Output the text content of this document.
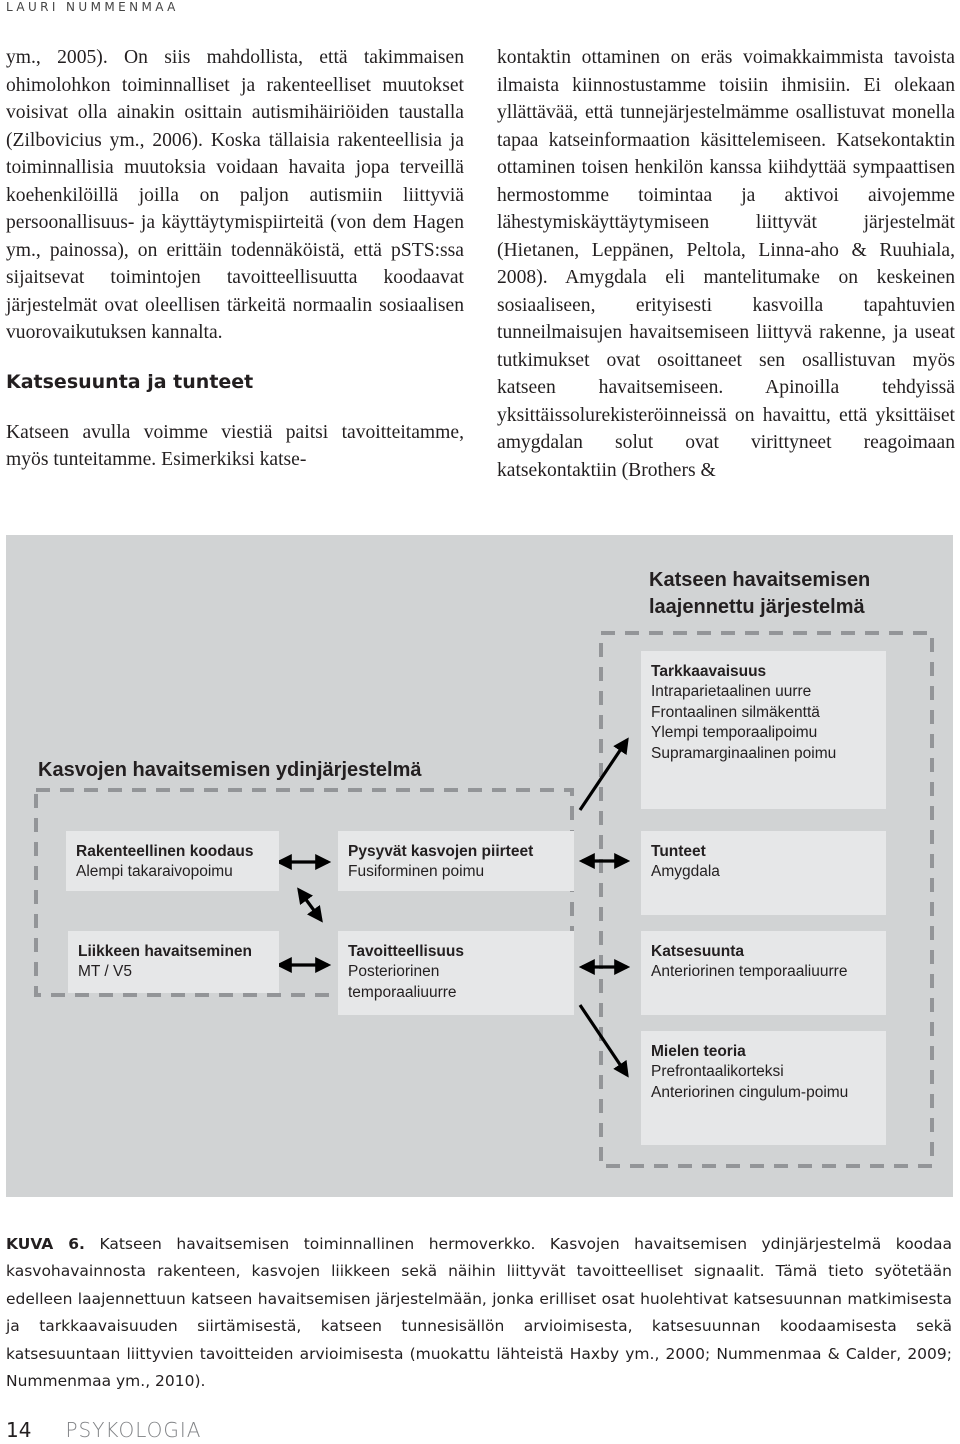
LAURI NUMMENMAA

ym., 2005). On siis mahdollista, että takimmaisen ohimolohkon toiminnalliset ja rakenteelliset muutokset voisivat olla ainakin osittain autismihäiriöiden taustalla (Zilbovicius ym., 2006). Koska tällaisia rakenteellisia ja toiminnallisia muutoksia voidaan havaita jopa terveillä koehenkilöillä joilla on paljon autismiin liittyviä persoonallisuus- ja käyttäytymispiirteitä (von dem Hagen ym., painossa), on erittäin todennäköistä, että pSTS:ssa sijaitsevat toimintojen tavoitteellisuutta koodaavat järjestelmät ovat oleellisen tärkeitä normaalin sosiaalisen vuorovaikutuksen kannalta.

Katsesuunta ja tunteet

Katseen avulla voimme viestiä paitsi tavoitteitamme, myös tunteitamme. Esimerkiksi katse-

kontaktin ottaminen on eräs voimakkaimmista tavoista ilmaista kiinnostustamme toisiin ihmisiin. Ei olekaan yllättävää, että tunnejärjestelmämme osallistuvat monella tapaa katseinformaation käsittelemiseen. Katsekontaktin ottaminen toisen henkilön kanssa kiihdyttää sympaattisen hermostomme toimintaa ja aktivoi aivojemme lähestymiskäyttäytymiseen liittyvät järjestelmät (Hietanen, Leppänen, Peltola, Linna-aho & Ruuhiala, 2008). Amygdala eli mantelitumake on keskeinen sosiaaliseen, erityisesti kasvoilla tapahtuvien tunneilmaisujen havaitsemiseen liittyvä rakenne, ja useat tutkimukset ovat osoittaneet sen osallistuvan myös katseen havaitsemiseen. Apinoilla tehdyissä yksittäissolurekisteröinneissä on havaittu, että yksittäiset amygdalan solut ovat virittyneet reagoimaan katsekontaktiin (Brothers &

Katseen havaitsemisen
laajennettu järjestelmä
Kasvojen havaitsemisen ydinjärjestelmä
Rakenteellinen koodaus
Alempi takaraivopoimu
Liikkeen havaitseminen
MT / V5
Pysyvät kasvojen piirteet
Fusiforminen poimu
Tavoitteellisuus
Posteriorinen
temporaaliuurre
Tarkkaavaisuus
Intraparietaalinen uurre
Frontaalinen silmäkenttä
Ylempi temporaalipoimu
Supramarginaalinen poimu
Tunteet
Amygdala
Katsesuunta
Anteriorinen temporaaliuurre
Mielen teoria
Prefrontaalikorteksi
Anteriorinen cingulum-poimu
KUVA 6. Katseen havaitsemisen toiminnallinen hermoverkko. Kasvojen havaitsemisen ydinjärjestelmä koodaa kasvohavainnosta rakenteen, kasvojen liikkeen sekä näihin liittyvät tavoitteelliset signaalit. Tämä tieto syötetään edelleen laajennettuun katseen havaitsemisen järjestelmään, jonka erilliset osat huolehtivat katsesuunnan matkimisesta ja tarkkaavaisuuden siirtämisestä, katseen tunnesisällön arvioimisesta, katsesuunnan koodaamisesta sekä katsesuuntaan liittyvien tavoitteiden arvioimisesta (muokattu lähteistä Haxby ym., 2000; Nummenmaa & Calder, 2009; Nummenmaa ym., 2010).
14 PSYKOLOGIA
